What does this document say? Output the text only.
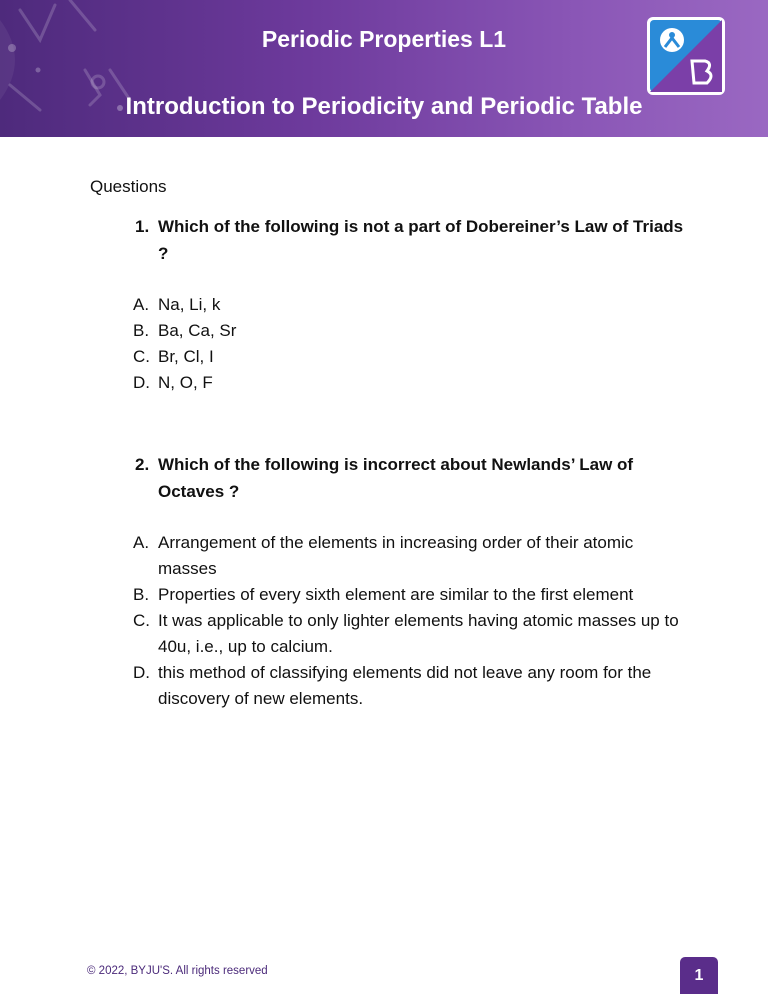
Periodic Properties L1
Introduction to Periodicity and Periodic Table
Questions
1. Which of the following is not a part of Dobereiner’s Law of Triads ?
A. Na, Li, k
B. Ba, Ca, Sr
C. Br, Cl, I
D. N, O, F
2. Which of the following is incorrect about Newlands’ Law of Octaves ?
A. Arrangement of the elements in increasing order of their atomic masses
B. Properties of every sixth element are similar to the first element
C. It was applicable to only lighter elements having atomic masses up to 40u, i.e., up to calcium.
D. this method of classifying elements did not leave any room for the discovery of new elements.
© 2022, BYJU'S. All rights reserved	1
